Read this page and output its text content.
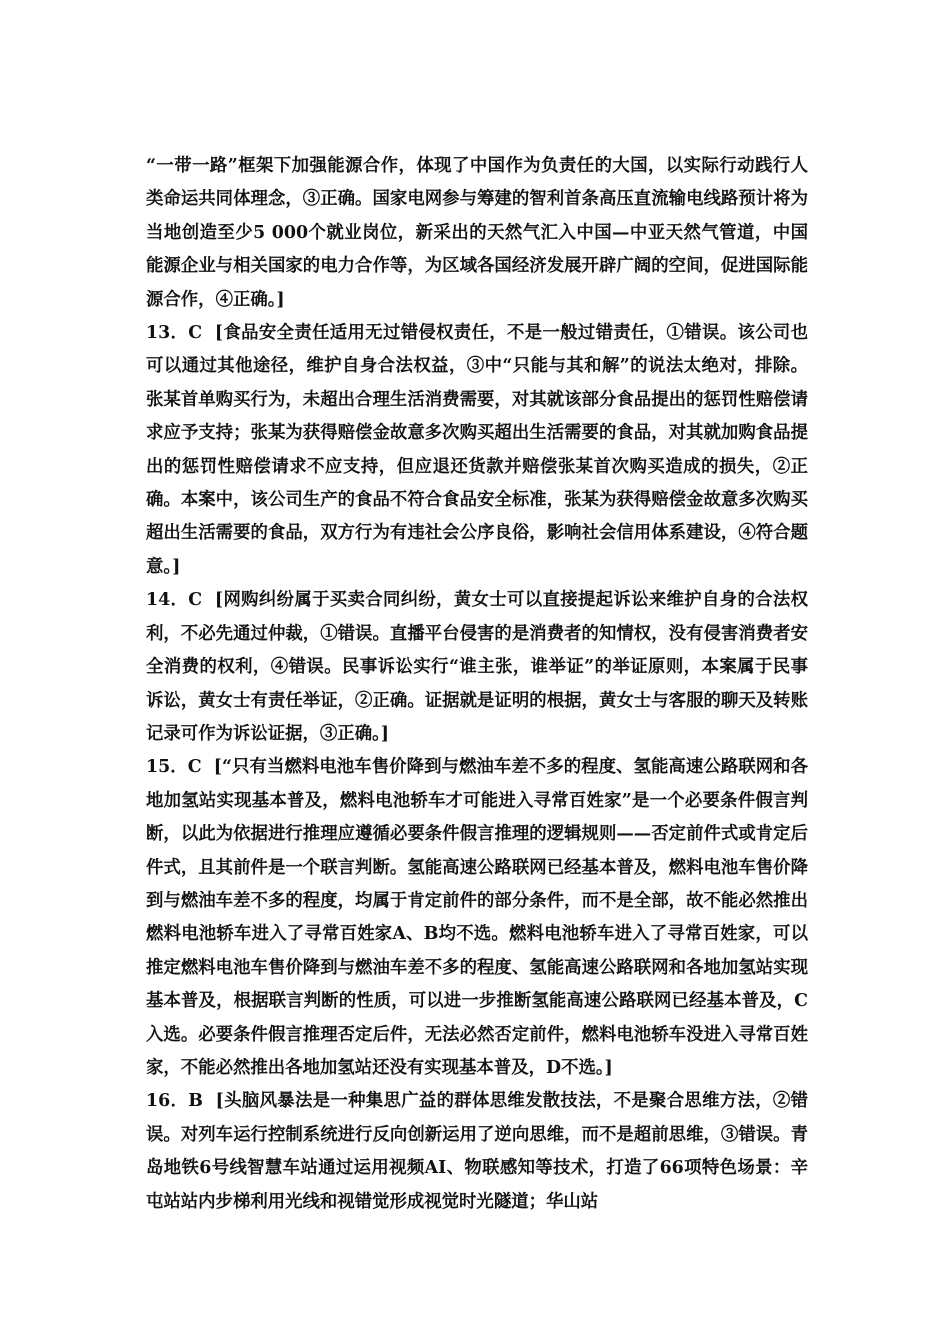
“一带一路”框架下加强能源合作，体现了中国作为负责任的大国，以实际行动践行人类命运共同体理念，③正确。国家电网参与筹建的智利首条高压直流输电线路预计将为当地创造至少5 000个就业岗位，新采出的天然气汇入中国—中亚天然气管道，中国能源企业与相关国家的电力合作等，为区域各国经济发展开辟广阔的空间，促进国际能源合作，④正确。]

13．C [食品安全责任适用无过错侵权责任，不是一般过错责任，①错误。该公司也可以通过其他途径，维护自身合法权益，③中“只能与其和解”的说法太绝对，排除。张某首单购买行为，未超出合理生活消费需要，对其就该部分食品提出的惩罚性赔偿请求应予支持；张某为获得赔偿金故意多次购买超出生活需要的食品，对其就加购食品提出的惩罚性赔偿请求不应支持，但应退还货款并赔偿张某首次购买造成的损失，②正确。本案中，该公司生产的食品不符合食品安全标准，张某为获得赔偿金故意多次购买超出生活需要的食品，双方行为有违社会公序良俗，影响社会信用体系建设，④符合题意。]

14．C [网购纠纷属于买卖合同纠纷，黄女士可以直接提起诉讼来维护自身的合法权利，不必先通过仲裁，①错误。直播平台侵害的是消费者的知情权，没有侵害消费者安全消费的权利，④错误。民事诉讼实行“谁主张，谁举证”的举证原则，本案属于民事诉讼，黄女士有责任举证，②正确。证据就是证明的根据，黄女士与客服的聊天及转账记录可作为诉讼证据，③正确。]

15．C [“只有当燃料电池车售价降到与燃油车差不多的程度、氢能高速公路联网和各地加氢站实现基本普及，燃料电池轿车才可能进入寻常百姓家”是一个必要条件假言判断，以此为依据进行推理应遵循必要条件假言推理的逻辑规则——否定前件式或肯定后件式，且其前件是一个联言判断。氢能高速公路联网已经基本普及，燃料电池车售价降到与燃油车差不多的程度，均属于肯定前件的部分条件，而不是全部，故不能必然推出燃料电池轿车进入了寻常百姓家A、B均不选。燃料电池轿车进入了寻常百姓家，可以推定燃料电池车售价降到与燃油车差不多的程度、氢能高速公路联网和各地加氢站实现基本普及，根据联言判断的性质，可以进一步推断氢能高速公路联网已经基本普及，C入选。必要条件假言推理否定后件，无法必然否定前件，燃料电池轿车没进入寻常百姓家，不能必然推出各地加氢站还没有实现基本普及，D不选。]

16．B [头脑风暴法是一种集思广益的群体思维发散技法，不是聚合思维方法，②错误。对列车运行控制系统进行反向创新运用了逆向思维，而不是超前思维，③错误。青岛地铁6号线智慧车站通过运用视频AI、物联感知等技术，打造了66项特色场景：辛屯站站内步梯利用光线和视错觉形成视觉时光隧道；华山站
